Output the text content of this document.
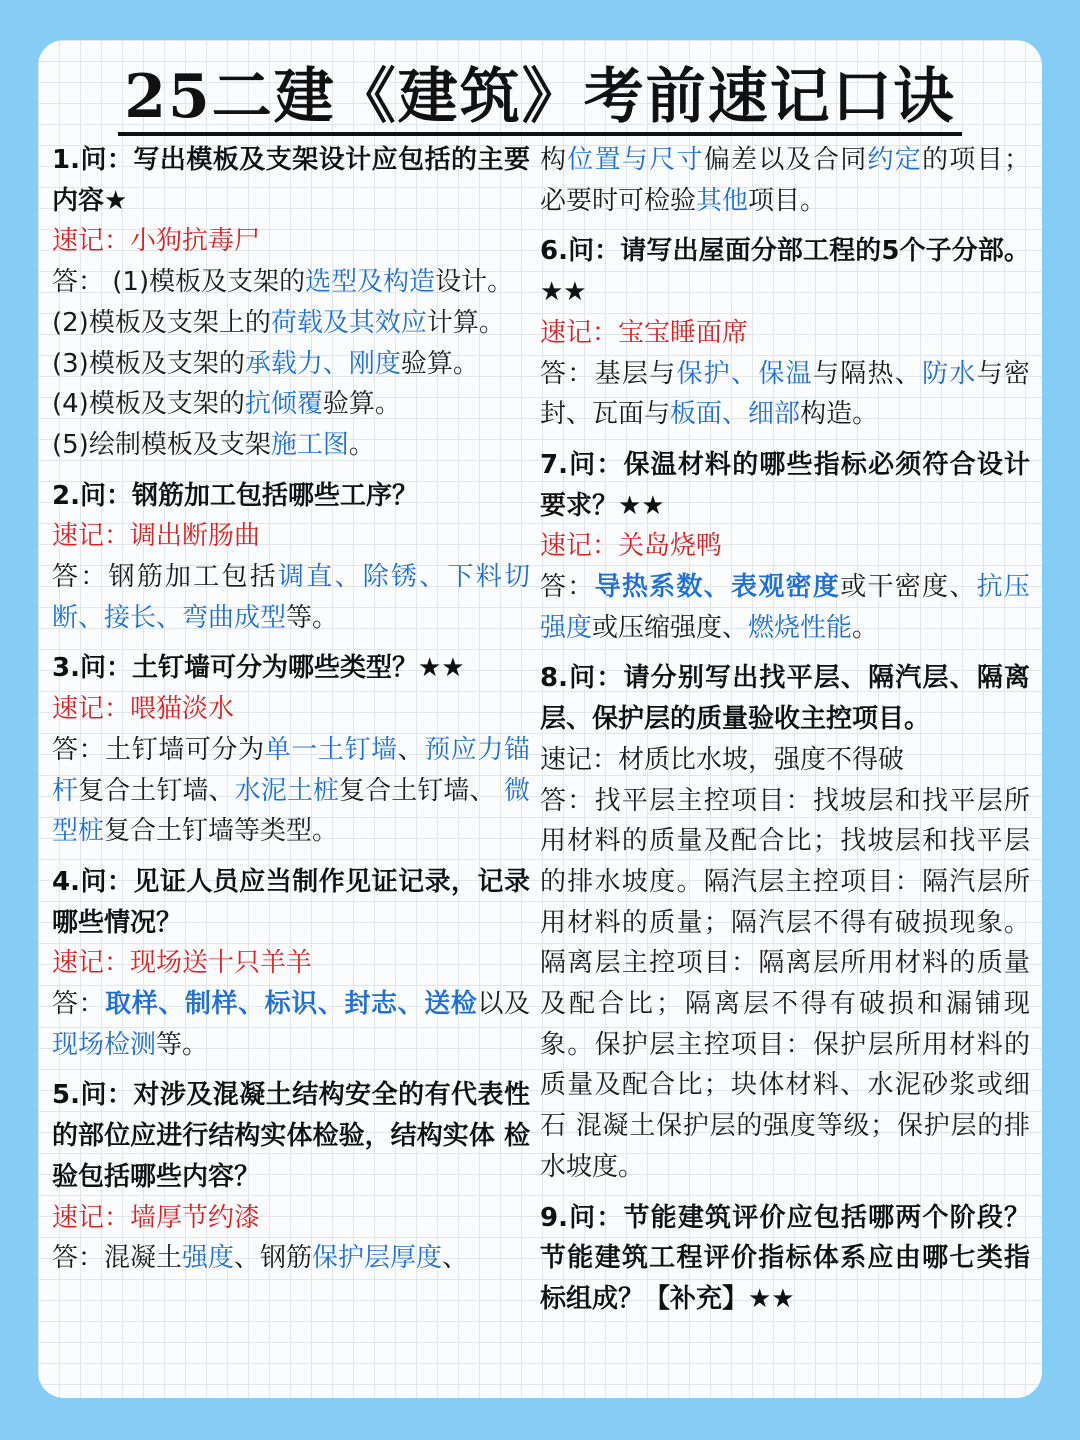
25二建《建筑》考前速记口诀

1.问：写出模板及支架设计应包括的主要内容★

速记：小狗抗毒尸

答： (1)模板及支架的选型及构造设计。

(2)模板及支架上的荷载及其效应计算。

(3)模板及支架的承载力、刚度验算。

(4)模板及支架的抗倾覆验算。

(5)绘制模板及支架施工图。

2.问：钢筋加工包括哪些工序？

速记：调出断肠曲

答：钢筋加工包括调直、除锈、下料切断、接长、弯曲成型等。

3.问：土钉墙可分为哪些类型？★★

速记：喂猫淡水

答：土钉墙可分为单一土钉墙、预应力锚杆复合土钉墙、水泥土桩复合土钉墙、 微型桩复合土钉墙等类型。

4.问：见证人员应当制作见证记录，记录哪些情况？

速记：现场送十只羊羊

答：取样、制样、标识、封志、送检以及现场检测等。

5.问：对涉及混凝土结构安全的有代表性的部位应进行结构实体检验，结构实体 检验包括哪些内容？

速记：墙厚节约漆

答：混凝土强度、钢筋保护层厚度、

构位置与尺寸偏差以及合同约定的项目； 必要时可检验其他项目。

6.问：请写出屋面分部工程的5个子分部。★★

速记：宝宝睡面席

答：基层与保护、保温与隔热、防水与密封、瓦面与板面、细部构造。

7.问：保温材料的哪些指标必须符合设计要求？★★

速记：关岛烧鸭

答：导热系数、表观密度或干密度、抗压强度或压缩强度、燃烧性能。

8.问：请分别写出找平层、隔汽层、隔离层、保护层的质量验收主控项目。

速记：材质比水坡，强度不得破

答：找平层主控项目：找坡层和找平层所用材料的质量及配合比；找坡层和找平层的排水坡度。隔汽层主控项目：隔汽层所用材料的质量；隔汽层不得有破损现象。隔离层主控项目：隔离层所用材料的质量及配合比；隔离层不得有破损和漏铺现象。保护层主控项目：保护层所用材料的质量及配合比；块体材料、水泥砂浆或细石 混凝土保护层的强度等级；保护层的排水坡度。

9.问：节能建筑评价应包括哪两个阶段？节能建筑工程评价指标体系应由哪七类指标组成？【补充】★★
